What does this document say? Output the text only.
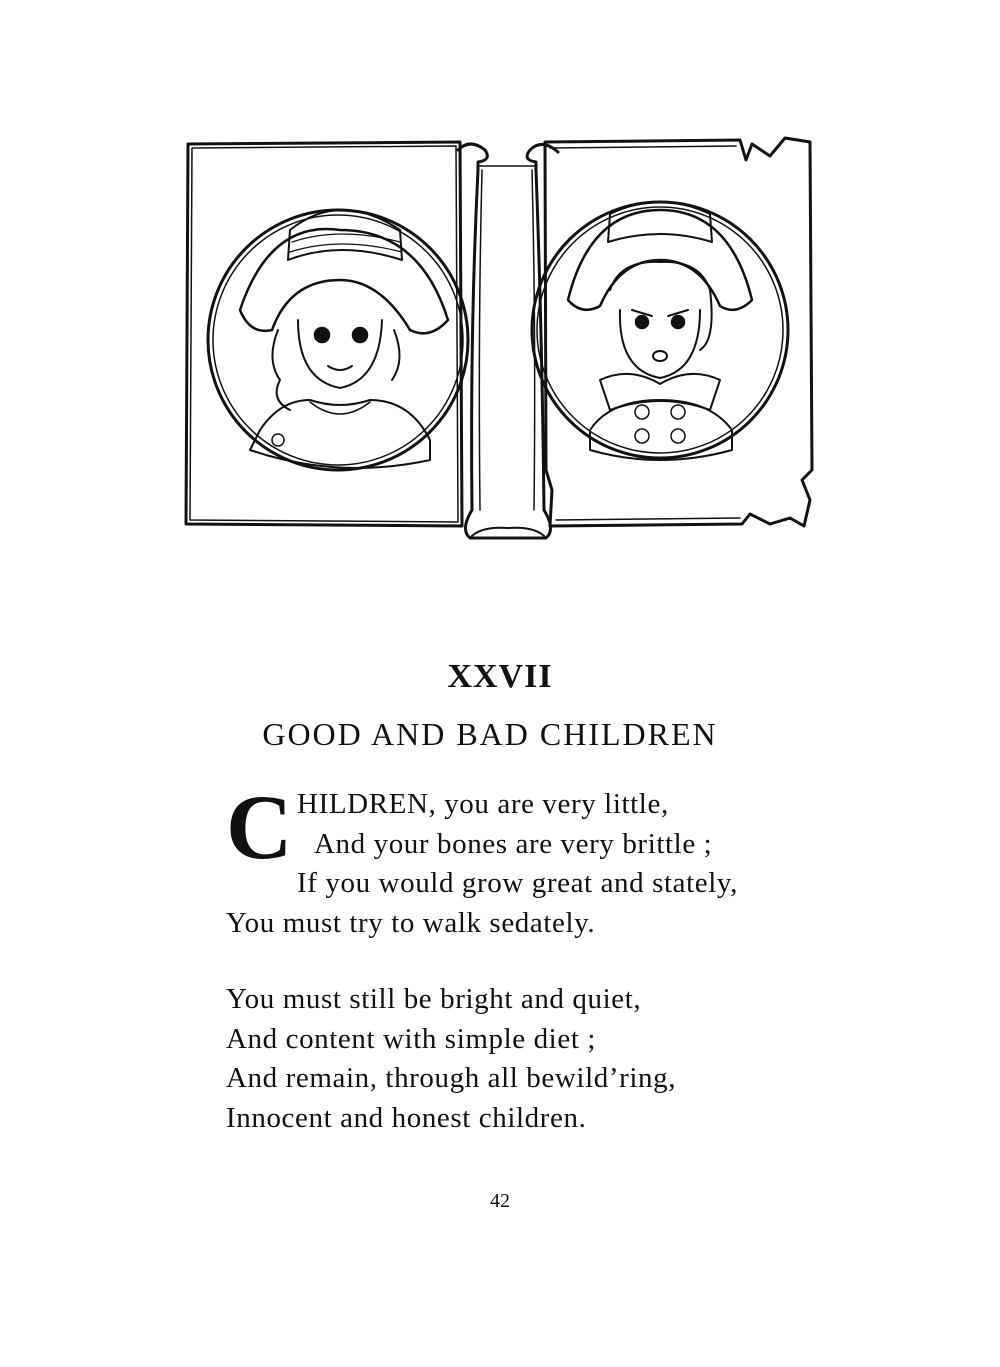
XXVII
GOOD AND BAD CHILDREN
C HILDREN, you are very little,
And your bones are very brittle ;
If you would grow great and stately,
You must try to walk sedately.
You must still be bright and quiet,
And content with simple diet ;
And remain, through all bewild’ring,
Innocent and honest children.
42
